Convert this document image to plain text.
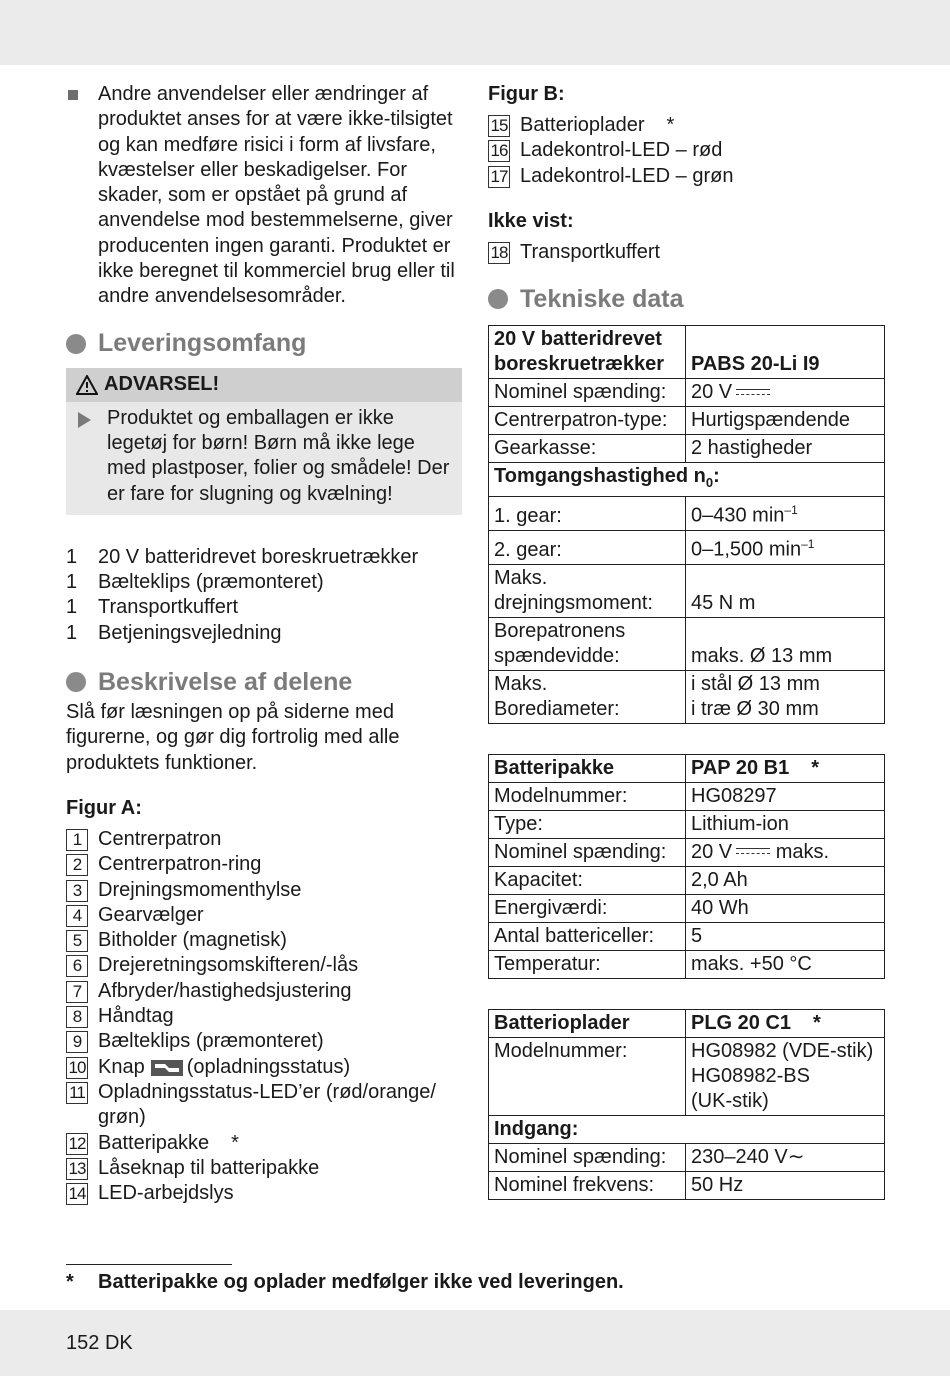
Andre anvendelser eller ændringer af produktet anses for at være ikke-tilsigtet og kan medføre risici i form af livsfare, kvæstelser eller beskadigelser. For skader, som er opstået på grund af anvendelse mod bestemmelserne, giver producenten ingen garanti. Produktet er ikke beregnet til kommerciel brug eller til andre anvendelsesområder.
Leveringsomfang
ADVARSEL!
Produktet og emballagen er ikke legetøj for børn! Børn må ikke lege med plastposer, folier og smådele! Der er fare for slugning og kvælning!
1	20 V batteridrevet boreskruetrækker
1	Bælteklips (præmonteret)
1	Transportkuffert
1	Betjeningsvejledning
Beskrivelse af delene
Slå før læsningen op på siderne med figurerne, og gør dig fortrolig med alle produktets funktioner.
Figur A:
1 Centrerpatron
2 Centrerpatron-ring
3 Drejningsmomenthylse
4 Gearvælger
5 Bitholder (magnetisk)
6 Drejeretningsomskifteren/-lås
7 Afbryder/hastighedsjustering
8 Håndtag
9 Bælteklips (præmonteret)
10 Knap (opladningsstatus)
11 Opladningsstatus-LED’er (rød/orange/ grøn)
12 Batteripakke *
13 Låseknap til batteripakke
14 LED-arbejdslys
Figur B:
15 Batterioplader *
16 Ladekontrol-LED – rød
17 Ladekontrol-LED – grøn
Ikke vist:
18 Transportkuffert
Tekniske data
20 V batteridrevet
boreskruetrækker	PABS 20-Li I9
Nominel spænding:	20 V
Centrerpatron-type:	Hurtigspændende
Gearkasse:	2 hastigheder
Tomgangshastighed $n_0$:	
1. gear:	0–430 $\min^{-1}$
2. gear:	0–1,500 $\min^{-1}$
Maks.
drejningsmoment:	45 N m
Borepatronens
spændevidde:	maks. Ø 13 mm
Maks.
Borediameter:	i stål Ø 13 mm
i træ Ø 30 mm
Batteripakke	PAP 20 B1 *
Modelnummer:	HG08297
Type:	Lithium-ion
Nominel spænding:	20 V maks.
Kapacitet:	2,0 Ah
Energiværdi:	40 Wh
Antal battericeller:	5
Temperatur:	maks. +50 °C
Batterioplader	PLG 20 C1 *
Modelnummer:	HG08982 (VDE-stik)
HG08982-BS
(UK-stik)
Indgang:	
Nominel spænding:	230–240 V∼
Nominel frekvens:	50 Hz
*	Batteripakke og oplader medfølger ikke ved leveringen.
152 DK
